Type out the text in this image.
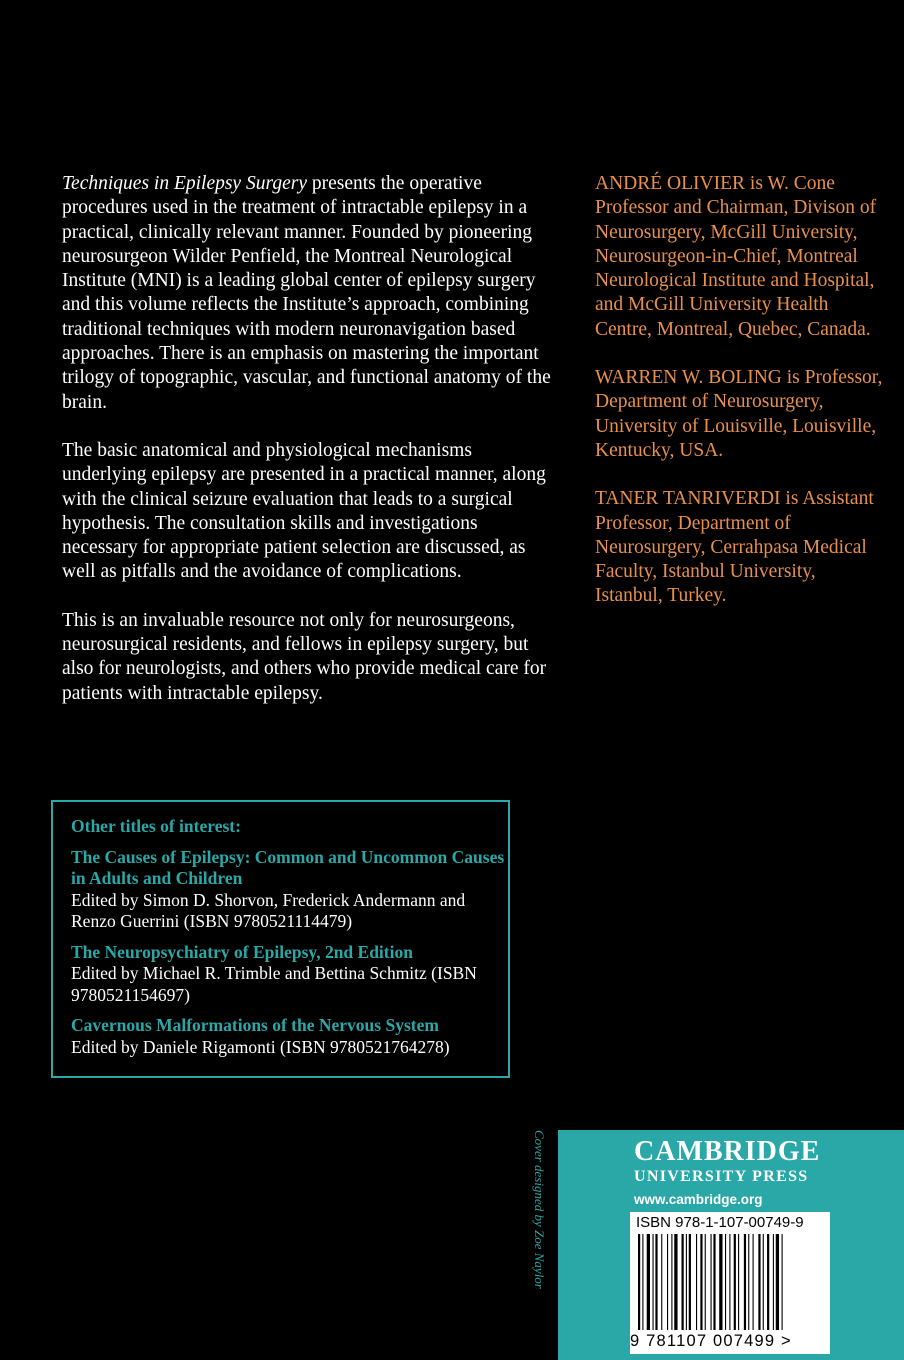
Techniques in Epilepsy Surgery presents the operative procedures used in the treatment of intractable epilepsy in a practical, clinically relevant manner. Founded by pioneering neurosurgeon Wilder Penfield, the Montreal Neurological Institute (MNI) is a leading global center of epilepsy surgery and this volume reflects the Institute’s approach, combining traditional techniques with modern neuronavigation based approaches. There is an emphasis on mastering the important trilogy of topographic, vascular, and functional anatomy of the brain.

The basic anatomical and physiological mechanisms underlying epilepsy are presented in a practical manner, along with the clinical seizure evaluation that leads to a surgical hypothesis. The consultation skills and investigations necessary for appropriate patient selection are discussed, as well as pitfalls and the avoidance of complications.

This is an invaluable resource not only for neurosurgeons, neurosurgical residents, and fellows in epilepsy surgery, but also for neurologists, and others who provide medical care for patients with intractable epilepsy.

ANDRÉ OLIVIER is W. Cone Professor and Chairman, Divison of Neurosurgery, McGill University, Neurosurgeon-in-Chief, Montreal Neurological Institute and Hospital, and McGill University Health Centre, Montreal, Quebec, Canada.

WARREN W. BOLING is Professor, Department of Neurosurgery, University of Louisville, Louisville, Kentucky, USA.

TANER TANRIVERDI is Assistant Professor, Department of Neurosurgery, Cerrahpasa Medical Faculty, Istanbul University, Istanbul, Turkey.

Other titles of interest:
The Causes of Epilepsy: Common and Uncommon Causes in Adults and Children
Edited by Simon D. Shorvon, Frederick Andermann and Renzo Guerrini (ISBN 9780521114479)
The Neuropsychiatry of Epilepsy, 2nd Edition
Edited by Michael R. Trimble and Bettina Schmitz (ISBN 9780521154697)
Cavernous Malformations of the Nervous System
Edited by Daniele Rigamonti (ISBN 9780521764278)
Cover designed by Zoe Naylor	CAMBRIDGE
UNIVERSITY PRESS
www.cambridge.org
ISBN 978-1-107-00749-9
9 781107 007499 >
